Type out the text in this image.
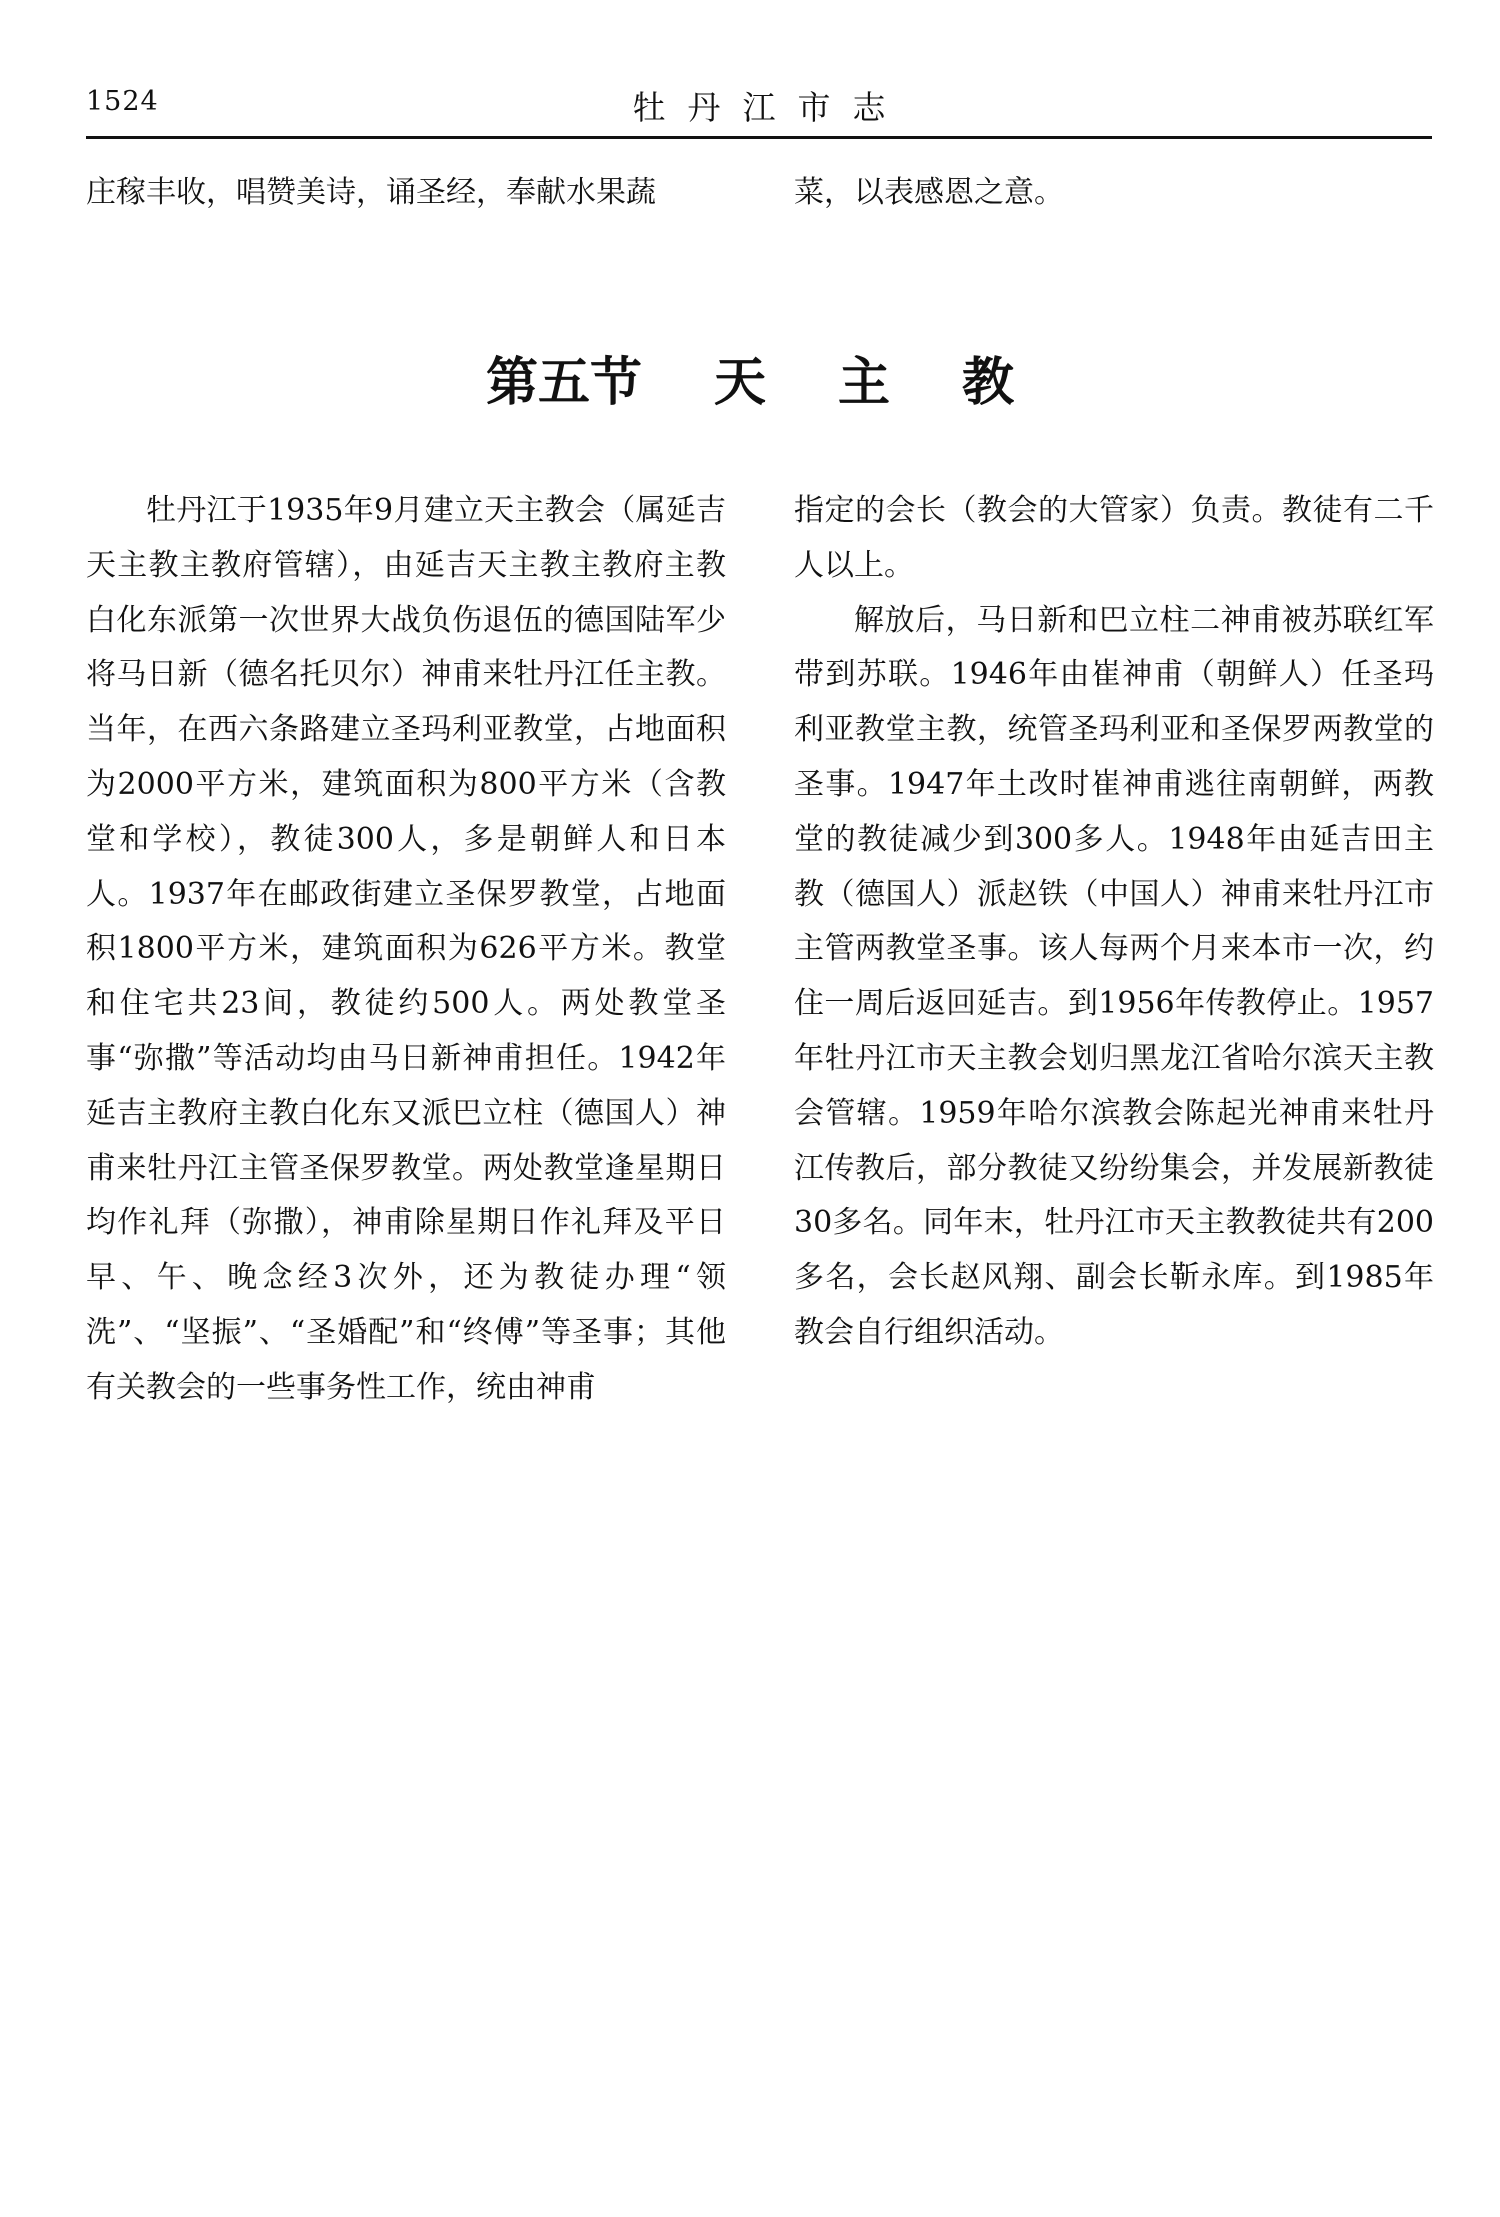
1524	牡丹江市志

庄稼丰收，唱赞美诗，诵圣经，奉献水果蔬	菜，以表感恩之意。

第五节 天 主 教

牡丹江于1935年9月建立天主教会（属延吉天主教主教府管辖），由延吉天主教主教府主教白化东派第一次世界大战负伤退伍的德国陆军少将马日新（德名托贝尔）神甫来牡丹江任主教。当年，在西六条路建立圣玛利亚教堂，占地面积为2000平方米，建筑面积为800平方米（含教堂和学校），教徒300人，多是朝鲜人和日本人。1937年在邮政街建立圣保罗教堂，占地面积1800平方米，建筑面积为626平方米。教堂和住宅共23间，教徒约500人。两处教堂圣事“弥撒”等活动均由马日新神甫担任。1942年延吉主教府主教白化东又派巴立柱（德国人）神甫来牡丹江主管圣保罗教堂。两处教堂逢星期日均作礼拜（弥撒），神甫除星期日作礼拜及平日早、午、晚念经3次外，还为教徒办理“领洗”、“坚振”、“圣婚配”和“终傅”等圣事；其他有关教会的一些事务性工作，统由神甫

指定的会长（教会的大管家）负责。教徒有二千人以上。

解放后，马日新和巴立柱二神甫被苏联红军带到苏联。1946年由崔神甫（朝鲜人）任圣玛利亚教堂主教，统管圣玛利亚和圣保罗两教堂的圣事。1947年土改时崔神甫逃往南朝鲜，两教堂的教徒减少到300多人。1948年由延吉田主教（德国人）派赵铁（中国人）神甫来牡丹江市主管两教堂圣事。该人每两个月来本市一次，约住一周后返回延吉。到1956年传教停止。1957年牡丹江市天主教会划归黑龙江省哈尔滨天主教会管辖。1959年哈尔滨教会陈起光神甫来牡丹江传教后，部分教徒又纷纷集会，并发展新教徒30多名。同年末，牡丹江市天主教教徒共有200多名，会长赵风翔、副会长靳永库。到1985年教会自行组织活动。
